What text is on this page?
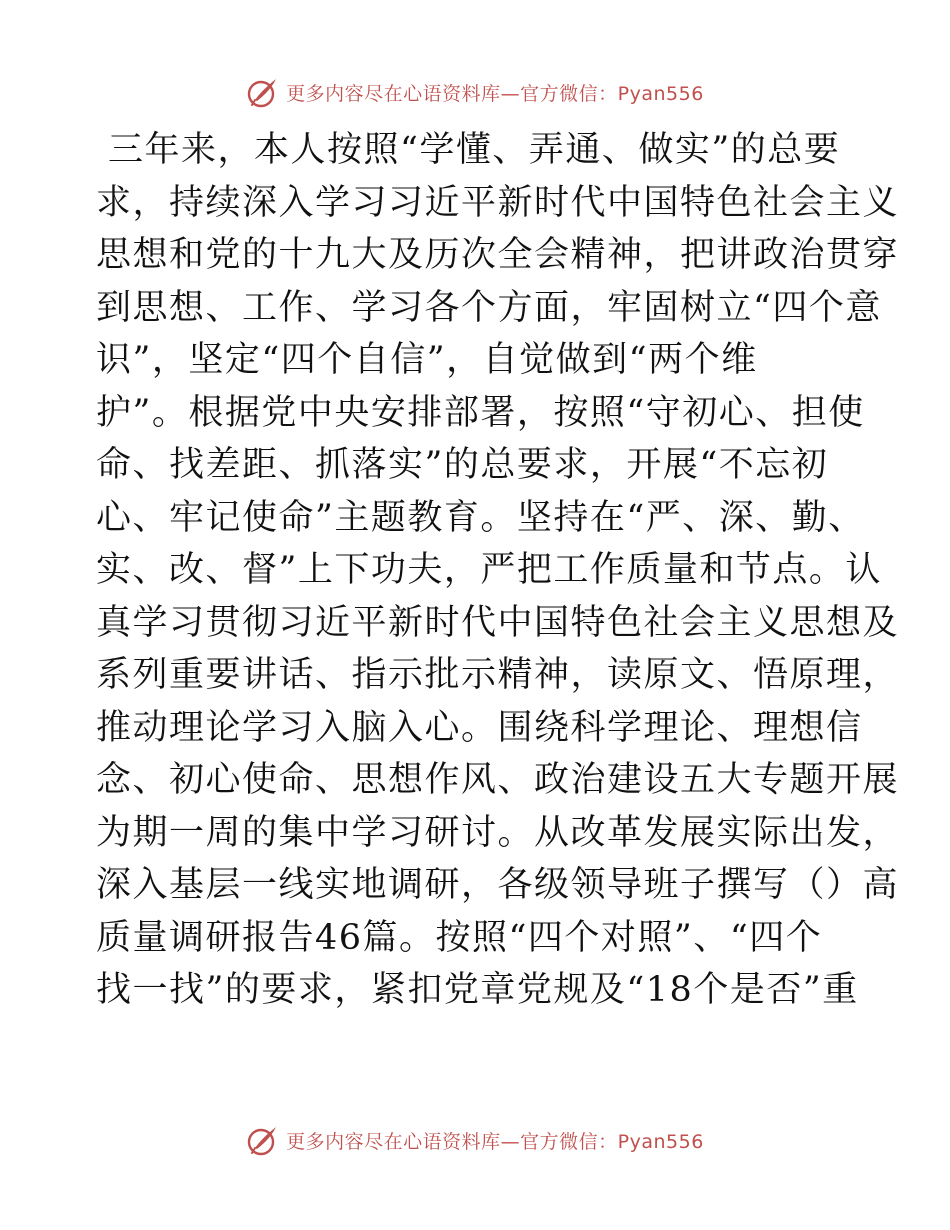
更多内容尽在心语资料库—官方微信：Pyan556
三年来，本人按照“学懂、弄通、做实”的总要
求，持续深入学习习近平新时代中国特色社会主义
思想和党的十九大及历次全会精神，把讲政治贯穿
到思想、工作、学习各个方面，牢固树立“四个意
识”，坚定“四个自信”，自觉做到“两个维
护”。根据党中央安排部署，按照“守初心、担使
命、找差距、抓落实”的总要求，开展“不忘初
心、牢记使命”主题教育。坚持在“严、深、勤、
实、改、督”上下功夫，严把工作质量和节点。认
真学习贯彻习近平新时代中国特色社会主义思想及
系列重要讲话、指示批示精神，读原文、悟原理，
推动理论学习入脑入心。围绕科学理论、理想信
念、初心使命、思想作风、政治建设五大专题开展
为期一周的集中学习研讨。从改革发展实际出发，
深入基层一线实地调研，各级领导班子撰写（）高
质量调研报告46篇。按照“四个对照”、“四个
找一找”的要求，紧扣党章党规及“18个是否”重
更多内容尽在心语资料库—官方微信：Pyan556
